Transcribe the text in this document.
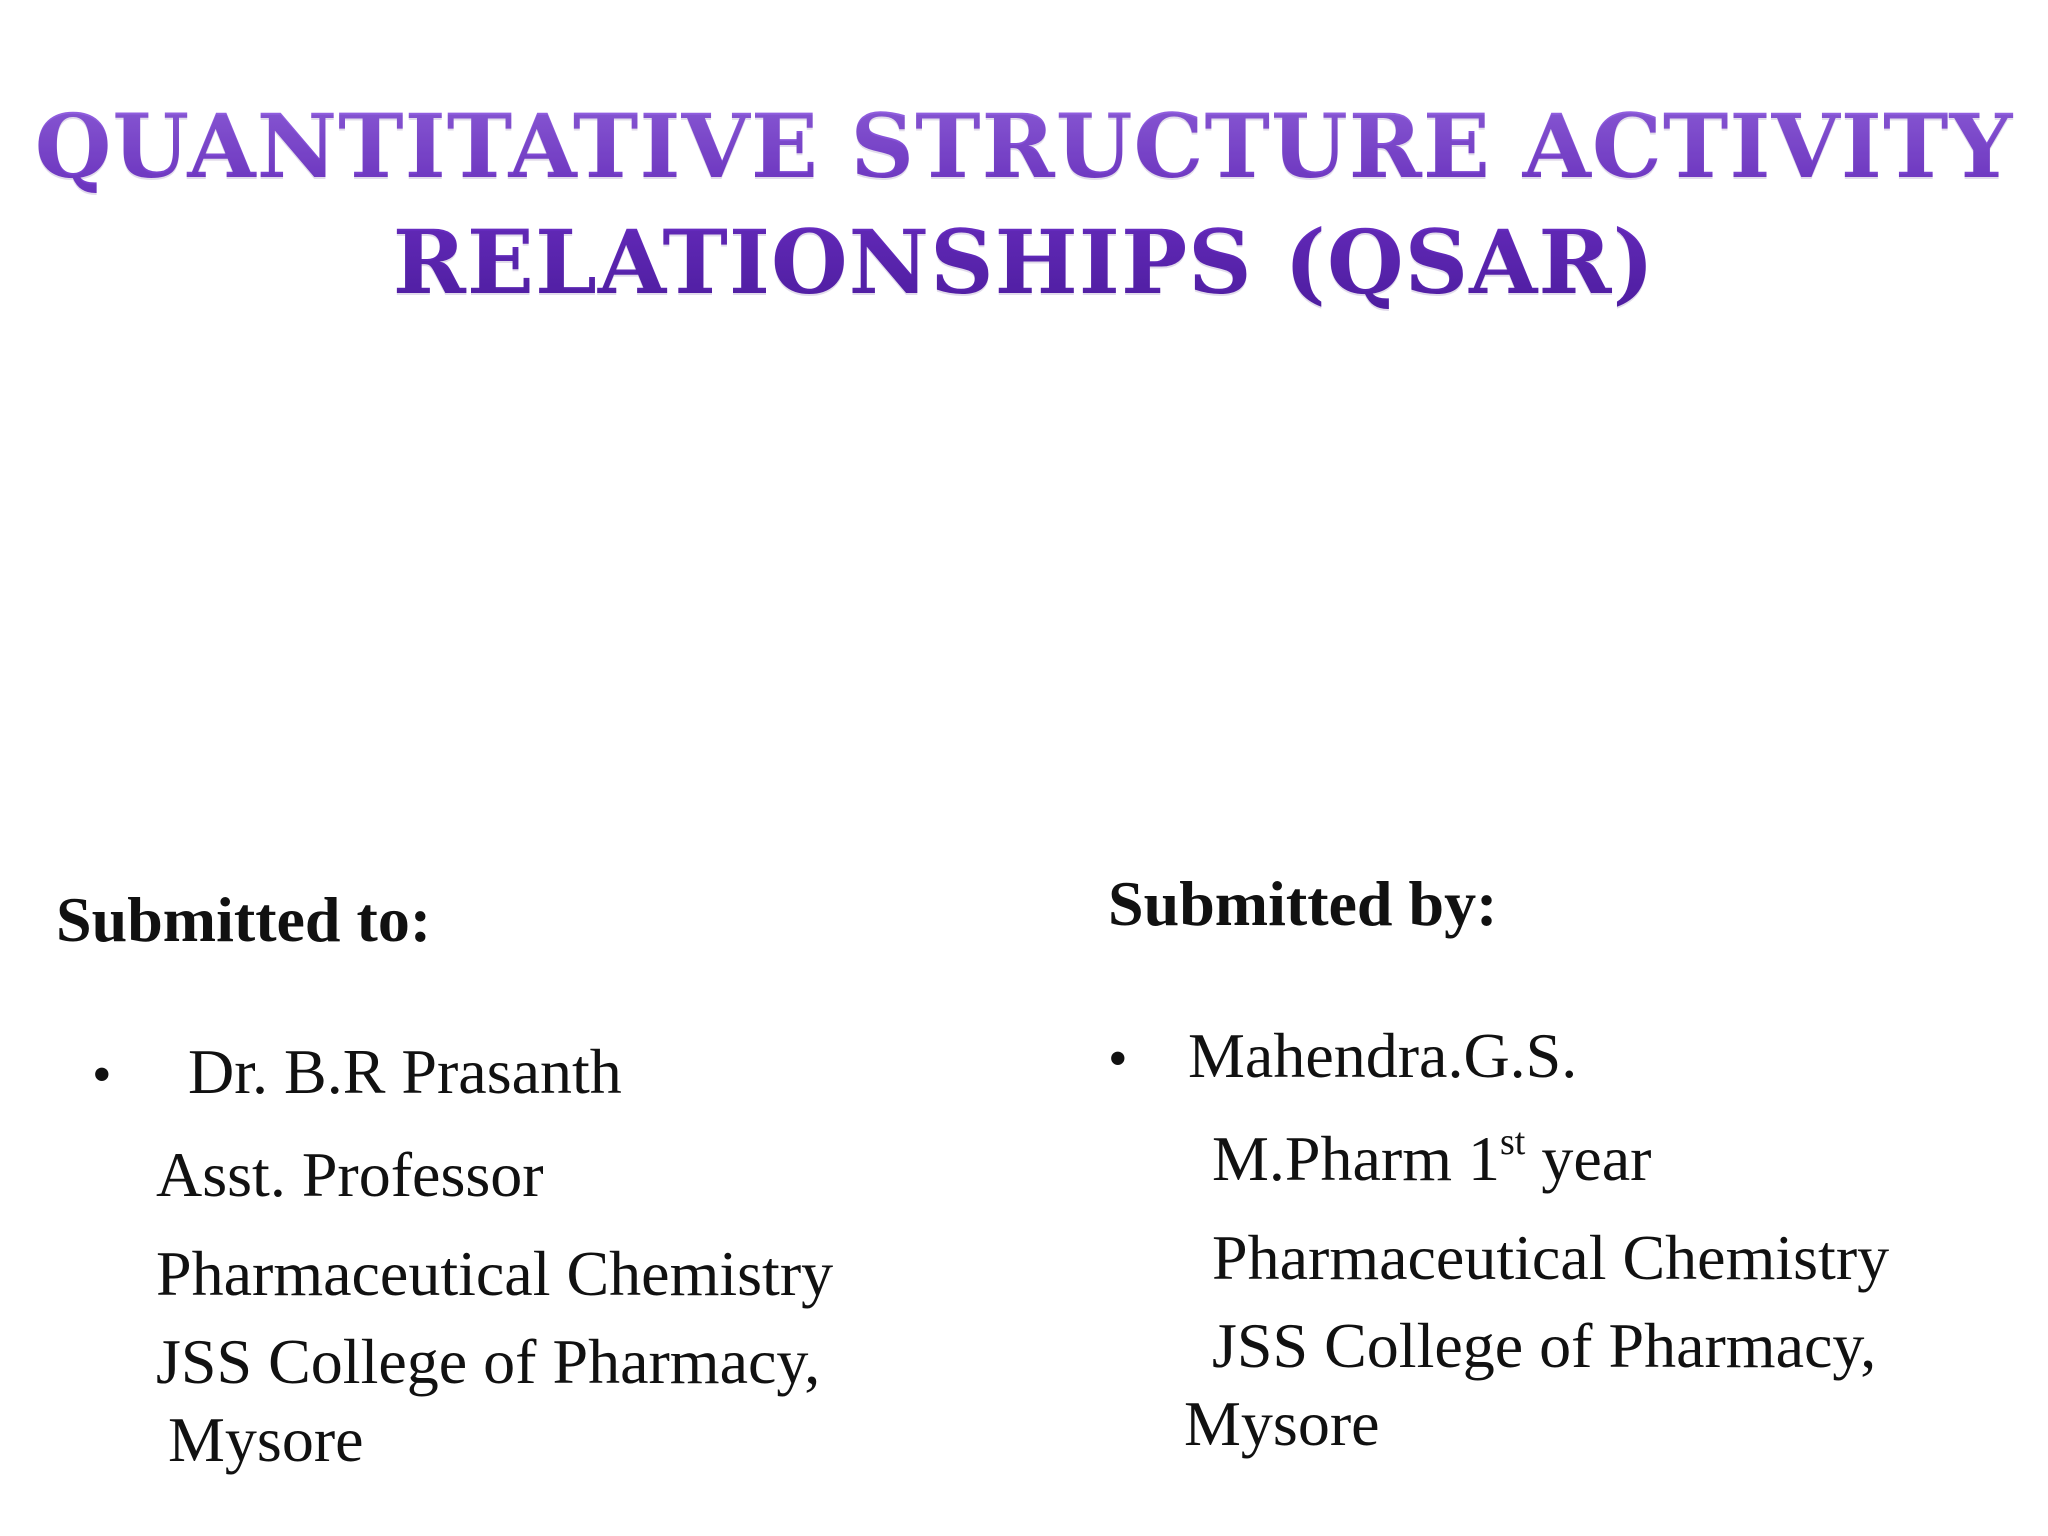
QUANTITATIVE STRUCTURE ACTIVITY
RELATIONSHIPS (QSAR)
Submitted to:
• Dr. B.R Prasanth
Asst. Professor
Pharmaceutical Chemistry
JSS College of Pharmacy,
Mysore
Submitted by:
• Mahendra.G.S.
M.Pharm 1st year
Pharmaceutical Chemistry
JSS College of Pharmacy,
Mysore
